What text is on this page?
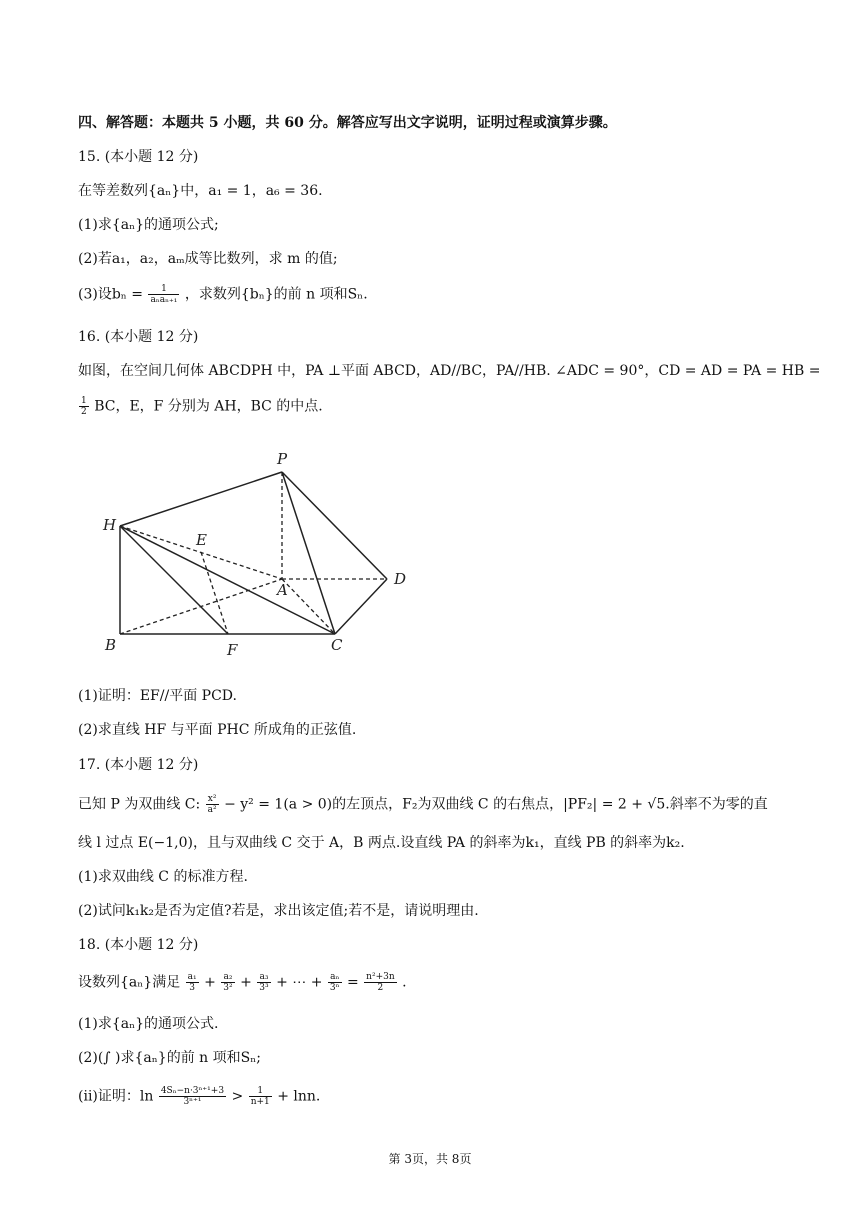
四、解答题：本题共 5 小题，共 60 分。解答应写出文字说明，证明过程或演算步骤。
15. (本小题 12 分)
在等差数列{aₙ}中，a₁ = 1，a₆ = 36.
(1)求{aₙ}的通项公式;
(2)若a₁，a₂，aₘ成等比数列，求 m 的值;
(3)设$b_n = \frac{1}{\text{aₙaₙ₊₁}}$ ，求数列{bₙ}的前 n 项和Sₙ.
16. (本小题 12 分)
如图，在空间几何体 ABCDPH 中，PA ⊥平面 ABCD，AD//BC，PA//HB. ∠ADC = 90°，CD = AD = PA = HB =
$\frac{1}{2}$ BC，E，F 分别为 AH，BC 的中点.
P
H
E
A
D
B	F	C
(1)证明：EF//平面 PCD.
(2)求直线 HF 与平面 PHC 所成角的正弦值.
17. (本小题 12 分)
已知 P 为双曲线 C: $\frac{\text{x²}}{\text{a²}} - y^2 = 1(a > 0)$的左顶点，F₂为双曲线 C 的右焦点，|PF₂| = 2 + √5.斜率不为零的直
线 l 过点 E(−1,0)，且与双曲线 C 交于 A，B 两点.设直线 PA 的斜率为k₁，直线 PB 的斜率为k₂.
(1)求双曲线 C 的标准方程.
(2)试问k₁k₂是否为定值?若是，求出该定值;若不是，请说明理由.
18. (本小题 12 分)
设数列{aₙ}满足 $\frac{\text{a₁}}{3} + \frac{\text{a₂}}{\text{3²}} + \frac{\text{a₃}}{\text{3³}}$ + ⋯ + $\frac{\text{aₙ}}{\text{3ⁿ}} = \frac{\text{n²+3n}}{2}$ .
(1)求{aₙ}的通项公式.
(2)(∫ )求{aₙ}的前 n 项和Sₙ;
(ⅱ)证明：$\ln \frac{\text{4Sₙ−n·3ⁿ⁺¹+3}}{\text{3ⁿ⁺¹}} > \frac{1}{n+1} + \ln n$.
第 3页，共 8页
